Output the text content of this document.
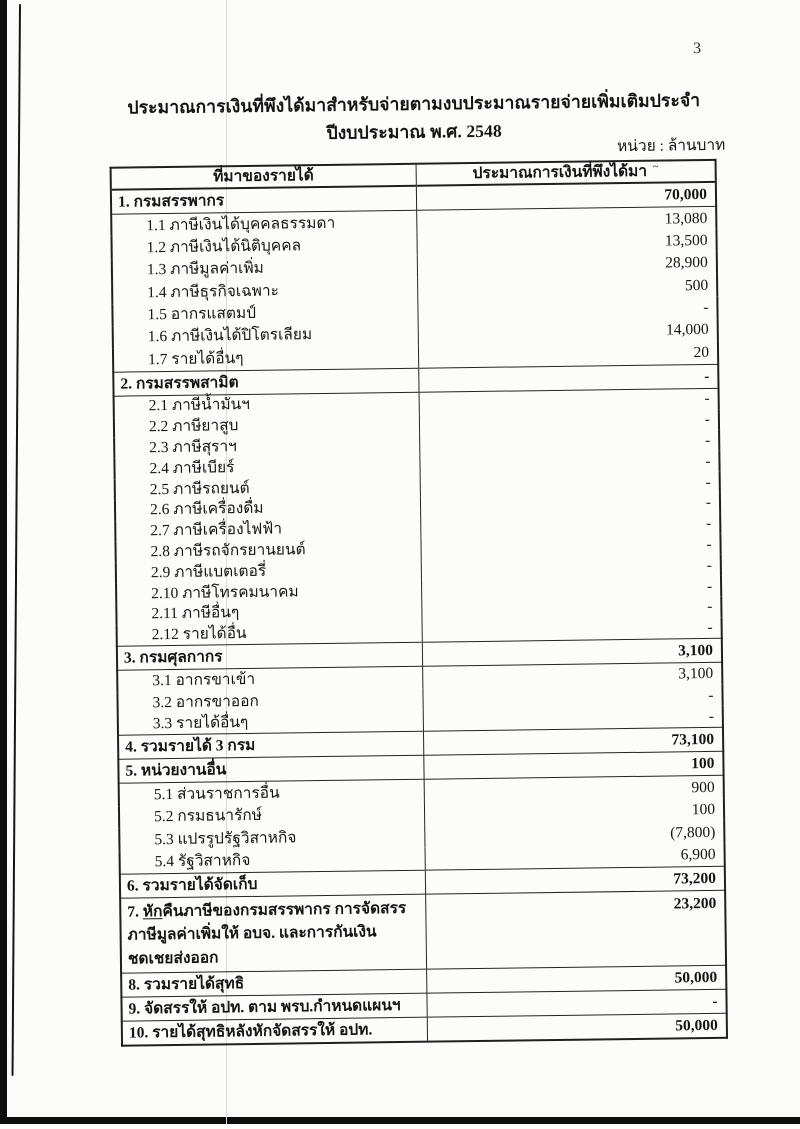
3
ประมาณการเงินที่พึงได้มาสำหรับจ่ายตามงบประมาณรายจ่ายเพิ่มเติมประจำปีงบประมาณ พ.ศ. 2548
หน่วย : ล้านบาท
ที่มาของรายได้	ประมาณการเงินที่พึงได้มา ~
1. กรมสรรพากร	70,000
1.1 ภาษีเงินได้บุคคลธรรมดา	13,080
1.2 ภาษีเงินได้นิติบุคคล	13,500
1.3 ภาษีมูลค่าเพิ่ม	28,900
1.4 ภาษีธุรกิจเฉพาะ	500
1.5 อากรแสตมป์	-
1.6 ภาษีเงินได้ปิโตรเลียม	14,000
1.7 รายได้อื่นๆ	20
2. กรมสรรพสามิต	-
2.1 ภาษีน้ำมันฯ	-
2.2 ภาษียาสูบ	-
2.3 ภาษีสุราฯ	-
2.4 ภาษีเบียร์	-
2.5 ภาษีรถยนต์	-
2.6 ภาษีเครื่องดื่ม	-
2.7 ภาษีเครื่องไฟฟ้า	-
2.8 ภาษีรถจักรยานยนต์	-
2.9 ภาษีแบตเตอรี่	-
2.10 ภาษีโทรคมนาคม	-
2.11 ภาษีอื่นๆ	-
2.12 รายได้อื่น	-
3. กรมศุลกากร	3,100
3.1 อากรขาเข้า	3,100
3.2 อากรขาออก	-
3.3 รายได้อื่นๆ	-
4. รวมรายได้ 3 กรม	73,100
5. หน่วยงานอื่น	100
5.1 ส่วนราชการอื่น	900
5.2 กรมธนารักษ์	100
5.3 แปรรูปรัฐวิสาหกิจ	(7,800)
5.4 รัฐวิสาหกิจ	6,900
6. รวมรายได้จัดเก็บ	73,200
7. หักคืนภาษีของกรมสรรพากร การจัดสรรภาษีมูลค่าเพิ่มให้ อบจ. และการกันเงินชดเชยส่งออก	23,200
8. รวมรายได้สุทธิ	50,000
9. จัดสรรให้ อปท. ตาม พรบ.กำหนดแผนฯ	-
10. รายได้สุทธิหลังหักจัดสรรให้ อปท.	50,000
